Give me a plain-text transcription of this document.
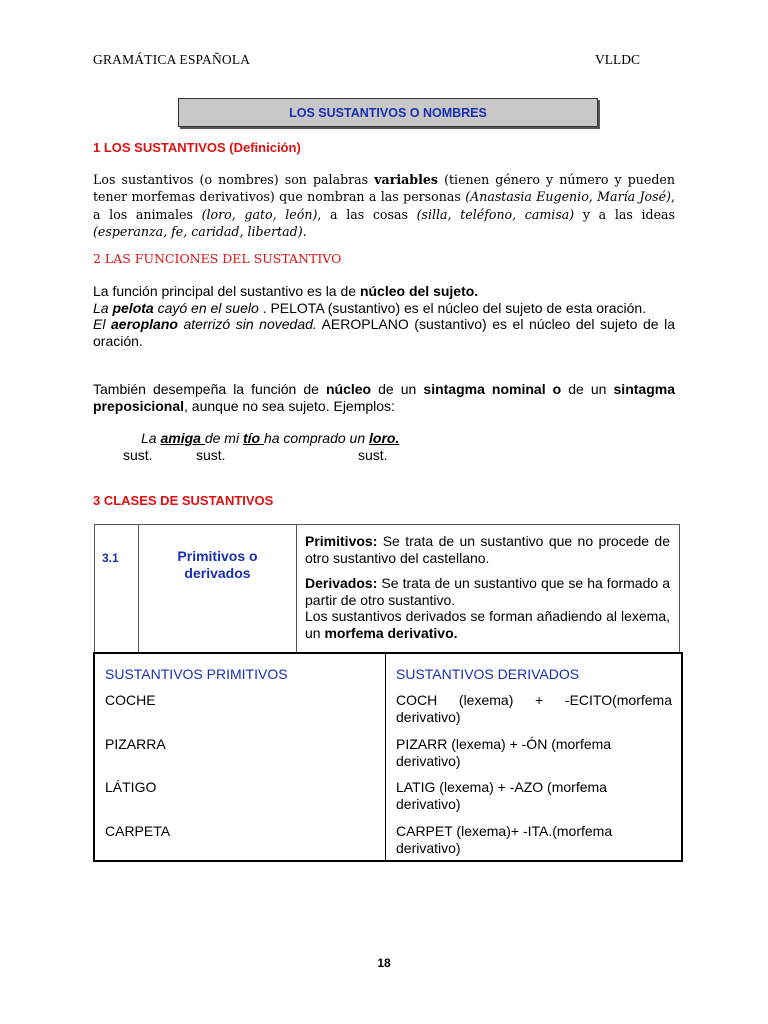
GRAMÁTICA ESPAÑOLA	VLLDC
LOS SUSTANTIVOS O NOMBRES
1 LOS SUSTANTIVOS (Definición)
Los sustantivos (o nombres) son palabras variables (tienen género y número y pueden tener morfemas derivativos) que nombran a las personas (Anastasia Eugenio, María José), a los animales (loro, gato, león), a las cosas (silla, teléfono, camisa) y a las ideas (esperanza, fe, caridad, libertad).
2 LAS FUNCIONES DEL SUSTANTIVO
La función principal del sustantivo es la de núcleo del sujeto.
La pelota cayó en el suelo . PELOTA (sustantivo) es el núcleo del sujeto de esta oración.
El aeroplano aterrizó sin novedad. AEROPLANO (sustantivo) es el núcleo del sujeto de la oración.
También desempeña la función de núcleo de un sintagma nominal o de un sintagma preposicional, aunque no sea sujeto. Ejemplos:
La amiga de mi tío ha comprado un loro.
sust.	sust.	sust.
3 CLASES DE SUSTANTIVOS
3.1	Primitivos o derivados
Primitivos: Se trata de un sustantivo que no procede de otro sustantivo del castellano.
Derivados: Se trata de un sustantivo que se ha formado a partir de otro sustantivo.
Los sustantivos derivados se forman añadiendo al lexema, un morfema derivativo.
SUSTANTIVOS PRIMITIVOS	SUSTANTIVOS DERIVADOS
COCHE	COCH (lexema) + -ECITO(morfema derivativo)
PIZARRA	PIZARR (lexema) + -ÓN (morfema derivativo)
LÁTIGO	LATIG (lexema) + -AZO (morfema derivativo)
CARPETA	CARPET (lexema)+ -ITA.(morfema derivativo)
18
